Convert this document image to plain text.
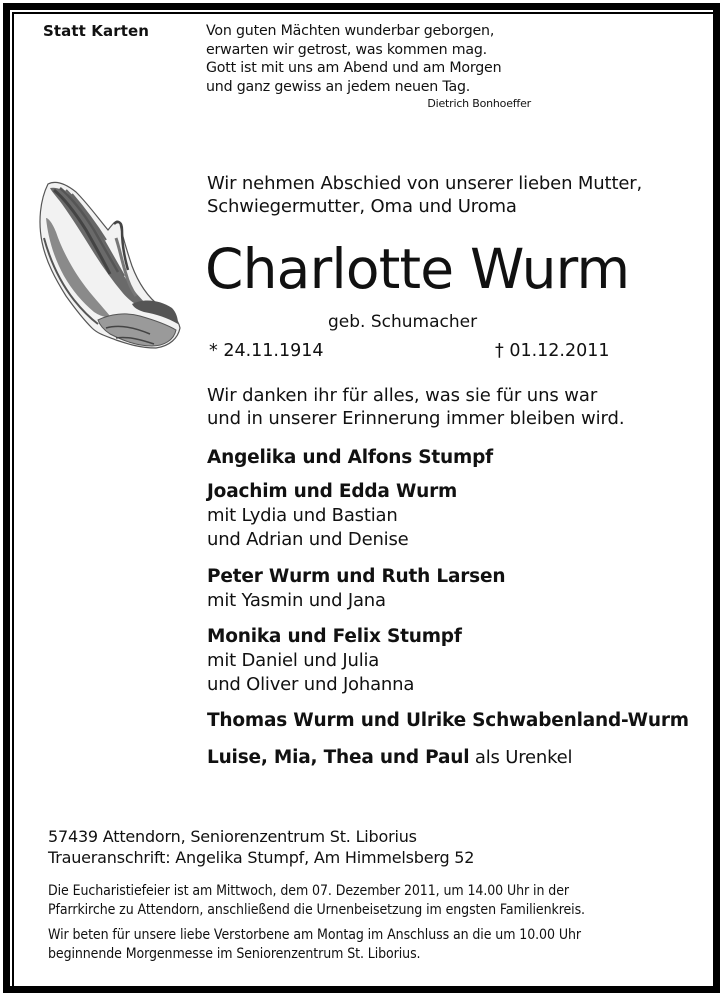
Statt Karten	Von guten Mächten wunderbar geborgen,
erwarten wir getrost, was kommen mag.
Gott ist mit uns am Abend und am Morgen
und ganz gewiss an jedem neuen Tag.
Dietrich Bonhoeffer
Wir nehmen Abschied von unserer lieben Mutter,
Schwiegermutter, Oma und Uroma
Charlotte Wurm
geb. Schumacher
* 24.11.1914	† 01.12.2011
Wir danken ihr für alles, was sie für uns war
und in unserer Erinnerung immer bleiben wird.
Angelika und Alfons Stumpf
Joachim und Edda Wurm
mit Lydia und Bastian
und Adrian und Denise
Peter Wurm und Ruth Larsen
mit Yasmin und Jana
Monika und Felix Stumpf
mit Daniel und Julia
und Oliver und Johanna
Thomas Wurm und Ulrike Schwabenland-Wurm
Luise, Mia, Thea und Paul als Urenkel
57439 Attendorn, Seniorenzentrum St. Liborius
Traueranschrift: Angelika Stumpf, Am Himmelsberg 52
Die Eucharistiefeier ist am Mittwoch, dem 07. Dezember 2011, um 14.00 Uhr in der
Pfarrkirche zu Attendorn, anschließend die Urnenbeisetzung im engsten Familienkreis.
Wir beten für unsere liebe Verstorbene am Montag im Anschluss an die um 10.00 Uhr
beginnende Morgenmesse im Seniorenzentrum St. Liborius.
